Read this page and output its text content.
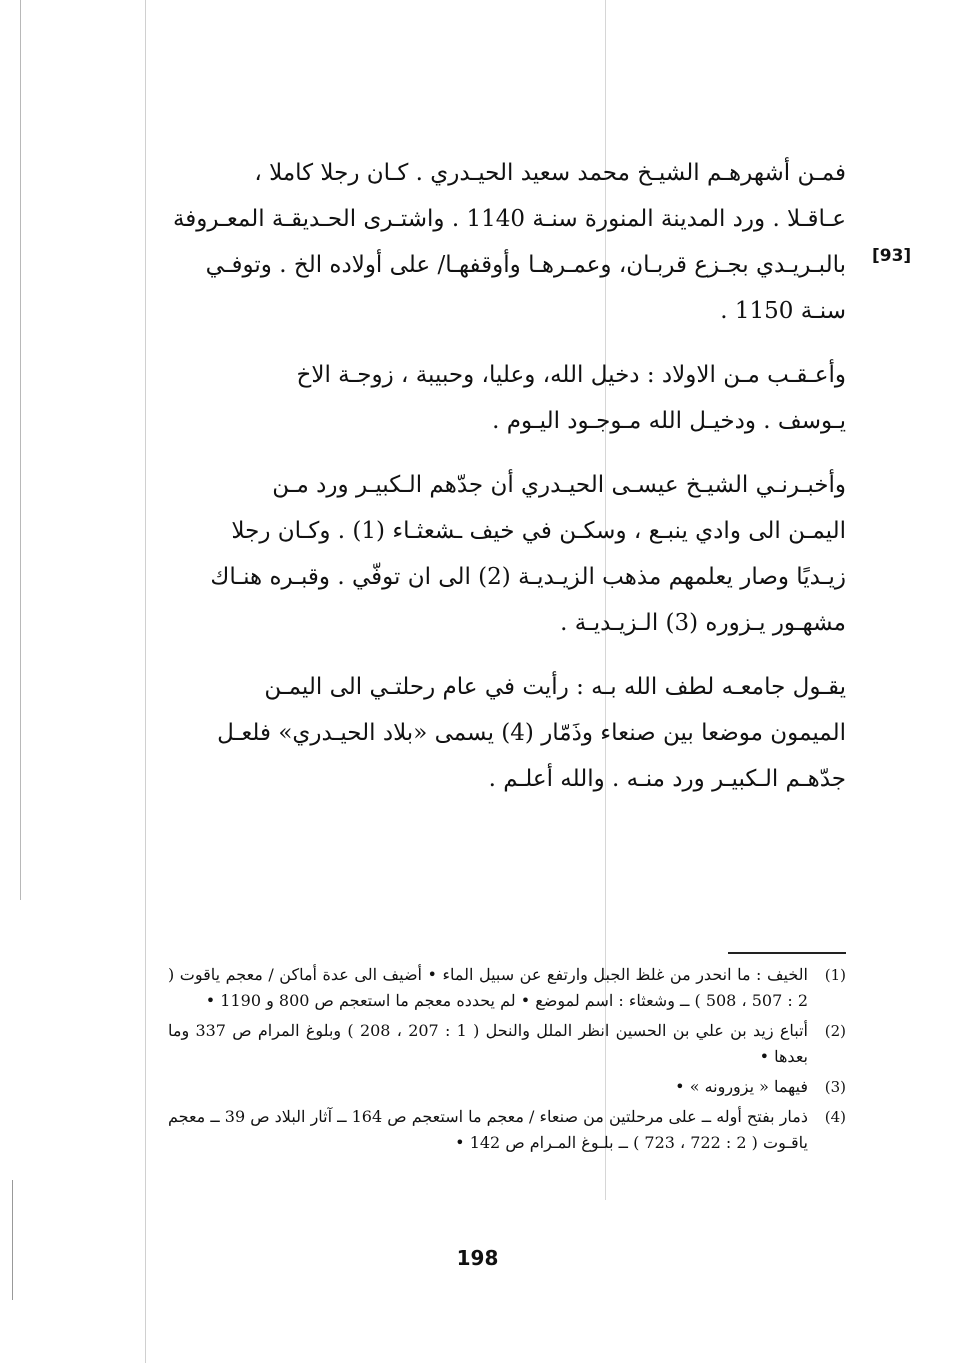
[93]

فمـن أشهرهـم الشيـخ محمد سعيد الحيـدري . كـان رجلا كاملا ،

عـاقـلا . ورد المدينة المنورة سنـة 1140 . واشتـرى الحـديقـة المعـروفة

بالبـريـدي بجـزع قربـان، وعمـرهـا وأوقفهـا/ على أولاده الخ . وتوفـي

سنـة 1150 .

وأعـقـب مـن الاولاد : دخيل الله، وعليا، وحبيبة ، زوجـة الاخ

يـوسف . ودخيـل الله مـوجـود اليـوم .

وأخبـرنـي الشيـخ عيسـى الحيـدري أن جدّهم الـكبيـر ورد مـن

اليمـن الى وادي ينبـع ، وسكـن في خيف ـشعثـاء (1) . وكـان رجلا

زيـديًا وصار يعلمهم مذهب الزيـديـة (2) الى ان توفّي . وقبـره هنـاك

مشهـور يـزوره (3) الـزيـديـة .

يقـول جامعـه لطف الله بـه : رأيت في عام رحلتـي الى اليمـن

الميمون موضعا بين صنعاء وذَمّار (4) يسمى «بلاد الحيـدري» فلعـل

جدّهـم الـكبيـر ورد منـه . والله أعلـم .

(1)
الخيف : ما انحدر من غلظ الجبل وارتفع عن سبيل الماء • أضيف الى عدة أماكن / معجم ياقوت ( 2 : 507 ، 508 ) ــ وشعثاء : اسم لموضع • لم يحدده معجم ما استعجم ص 800 و 1190 •
(2)
أتباع زيد بن علي بن الحسين انظر الملل والنحل ( 1 : 207 ، 208 ) وبلوغ المرام ص 337 وما بعدها •
(3)
فيهما « يزورونه » •
(4)
ذمار بفتح أوله ــ على مرحلتين من صنعاء / معجم ما استعجم ص 164 ــ آثار البلاد ص 39 ــ معجم ياقـوت ( 2 : 722 ، 723 ) ــ بلـوغ المـرام ص 142 •
198
